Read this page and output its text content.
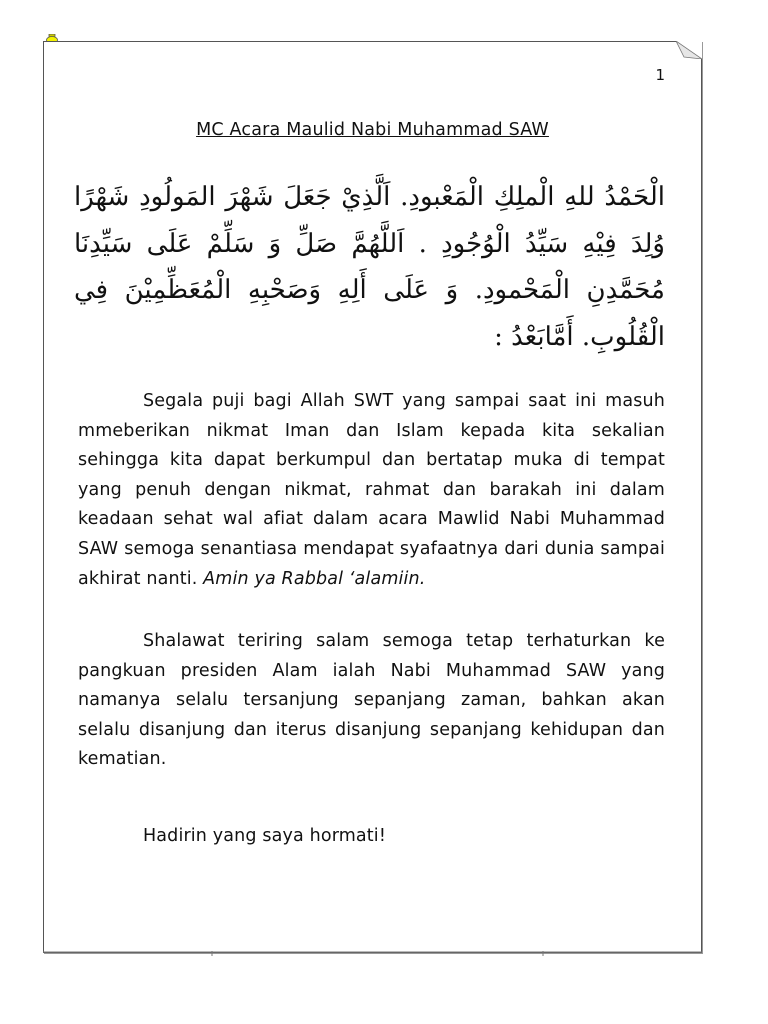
1
MC Acara Maulid Nabi Muhammad SAW
الْحَمْدُ للهِ الْملِكِ الْمَعْبودِ. اَلَّذِيْ جَعَلَ شَهْرَ المَولُودِ شَهْرًا وُلِدَ فِيْهِ سَيِّدُ الْوُجُودِ . اَللَّهُمَّ صَلِّ وَ سَلِّمْ عَلَى سَيِّدِنَا مُحَمَّدِنِ الْمَحْمودِ. وَ عَلَى أَلِهِ وَصَحْبِهِ الْمُعَظِّمِيْنَ فِي الْقُلُوبِ. أَمَّابَعْدُ :
Segala puji bagi Allah SWT yang sampai saat ini masuh mmeberikan nikmat Iman dan Islam kepada kita sekalian sehingga kita dapat berkumpul dan bertatap muka di tempat yang penuh dengan nikmat, rahmat dan barakah ini dalam keadaan sehat wal afiat dalam acara Mawlid Nabi Muhammad SAW semoga senantiasa mendapat syafaatnya dari dunia sampai akhirat nanti. Amin ya Rabbal ‘alamiin.
Shalawat teriring salam semoga tetap terhaturkan ke pangkuan presiden Alam ialah Nabi Muhammad SAW yang namanya selalu tersanjung sepanjang zaman, bahkan akan selalu disanjung dan iterus disanjung sepanjang kehidupan dan kematian.
Hadirin yang saya hormati!
